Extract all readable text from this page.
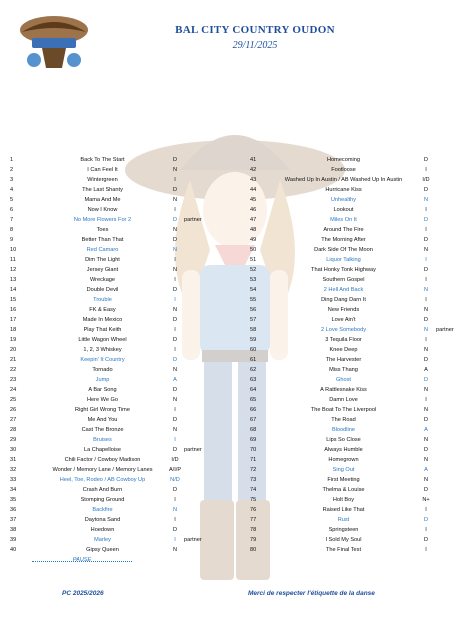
BAL CITY COUNTRY OUDON
29/11/2025
1	Back To The Start	D
2	I Can Feel It	N
3	Wintergreen	I
4	The Last Shanty	D
5	Mama And Me	N
6	Now I Know	I
7	No More Flowers For 2	D	partner
8	Toes	N
9	Better Than That	D
10	Red Camaro	N
11	Dim The Light	I
12	Jersey Giant	N
13	Wreckage	I
14	Double Devil	D
15	Trouble	I
16	FK & Easy	N
17	Made In Mexico	D
18	Play That Keith	I
19	Little Wagon Wheel	D
20	1, 2, 3 Whiskey	I
21	Keepin' It Country	D
22	Tornado	N
23	Jump	A
24	A Bar Song	D
25	Here We Go	N
26	Right Girl Wrong Time	I
27	Me And You	D
28	Cast The Bronze	N
29	Bruises	I
30	La Chapelloise	D	partner
31	Chili Factor / Cowboy Madison	I/D
32	Wonder / Memory Lane / Memory Lanes	A/I/P
33	Heel, Toe, Rodeo / AB Cowboy Up	N/D
34	Crash And Burn	D
35	Stomping Ground	I
36	Backfire	N
37	Daytona Sand	I
38	Hoedown	D
39	Marley	I	partner
40	Gipsy Queen	N
41	Homecoming	D
42	Footloose	I
43	Washed Up In Austin / AB Washed Up In Austin	I/D
44	Hurricane Kiss	D
45	Unhealthy	N
46	Lookout	I
47	Miles On It	D
48	Around The Fire	I
49	The Morning After	D
50	Dark Side Of The Moon	N
51	Liquor Talking	I
52	That Honky Tonk Highway	D
53	Southern Gospel	I
54	2 Hell And Back	N
55	Ding Dang Darn It	I
56	New Friends	N
57	Love Ain't	D
58	2 Love Somebody	N	partner
59	3 Tequila Floor	I
60	Knee Deep	N
61	The Harvester	D
62	Miss Thang	A
63	Ghost	D
64	A Rattlesnake Kiss	N
65	Damn Love	I
66	The Boat To The Liverpool	N
67	The Road	D
68	Bloodline	A
69	Lips So Close	N
70	Always Humble	D
71	Homegrown	N
72	Sing Out	A
73	First Meeting	N
74	Thelma & Louise	D
75	Holt Boy	N+
76	Raised Like That	I
77	Rust	D
78	Springsteen	I
79	I Sold My Soul	D
80	The Final Test	I
PAUSE
PC 2025/2026	Merci de respecter l'étiquette de la danse
